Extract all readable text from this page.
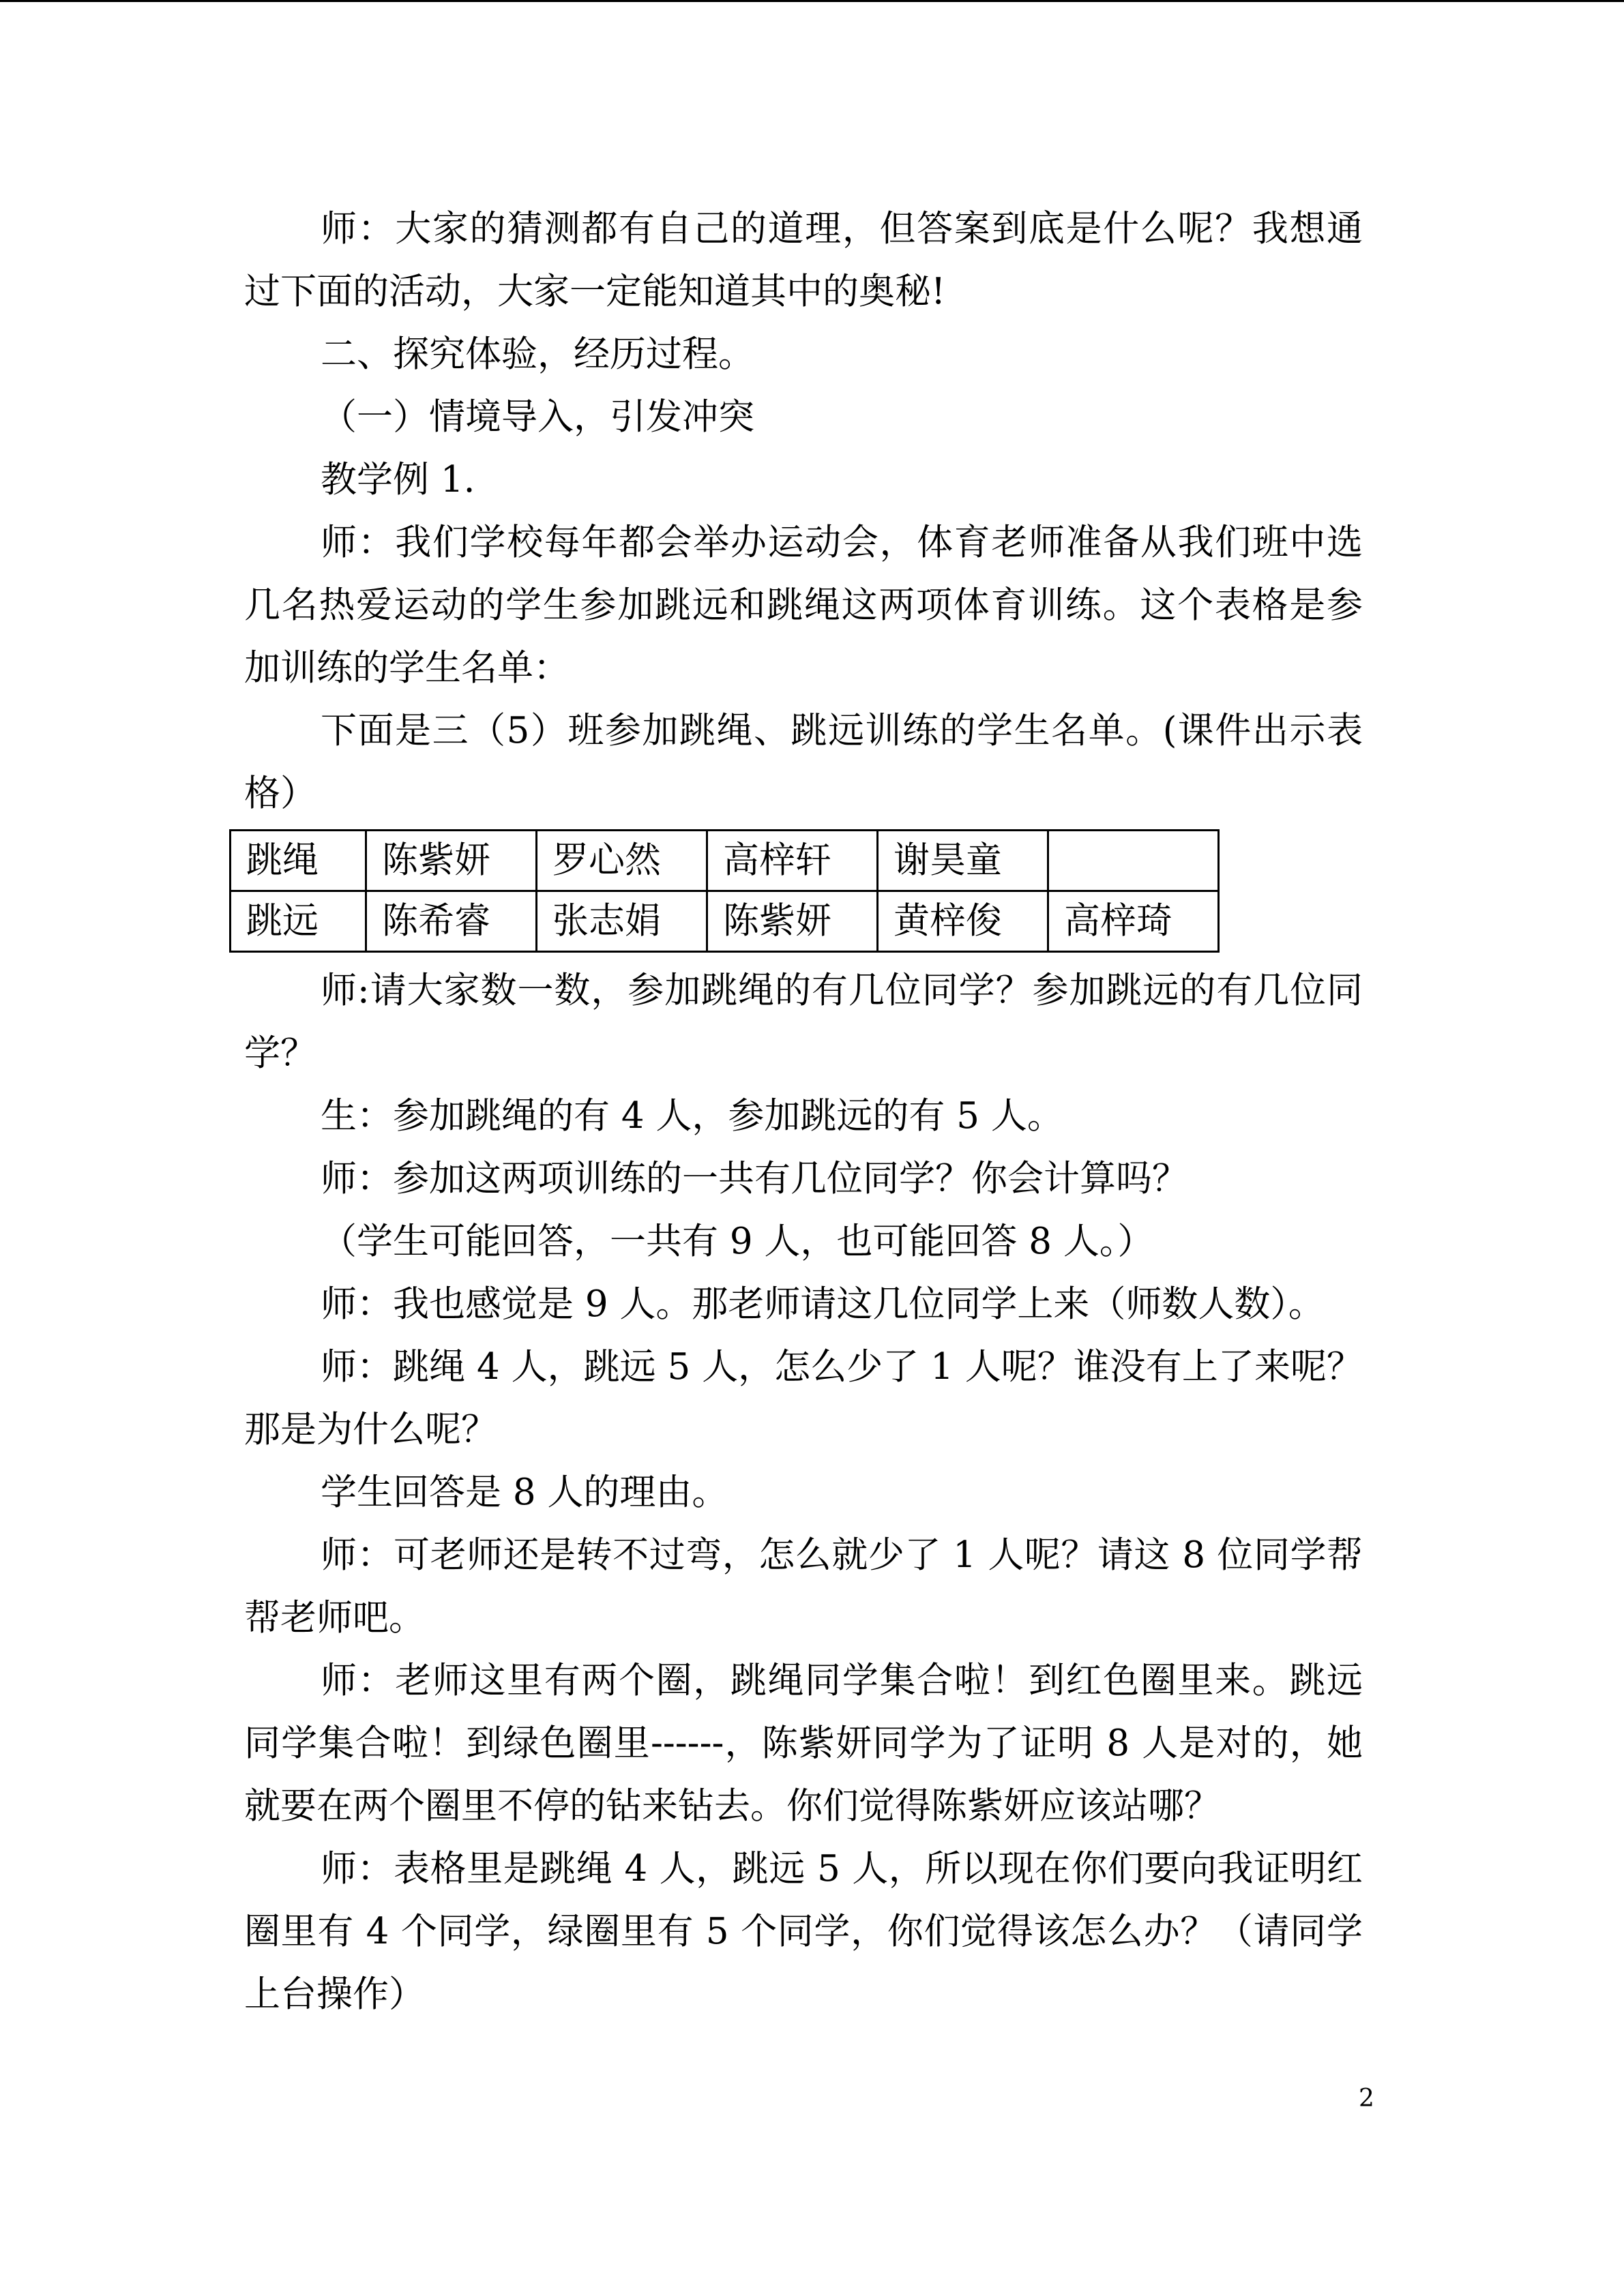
师：大家的猜测都有自己的道理，但答案到底是什么呢？我想通过下面的活动，大家一定能知道其中的奥秘!

二、探究体验，经历过程。

（一）情境导入，引发冲突

教学例 1.

师：我们学校每年都会举办运动会，体育老师准备从我们班中选几名热爱运动的学生参加跳远和跳绳这两项体育训练。这个表格是参加训练的学生名单：

下面是三（5）班参加跳绳、跳远训练的学生名单。(课件出示表格）

跳绳	陈紫妍	罗心然	高梓轩	谢昊童	
跳远	陈希睿	张志娟	陈紫妍	黄梓俊	高梓琦

师:请大家数一数，参加跳绳的有几位同学？参加跳远的有几位同学？

生：参加跳绳的有 4 人，参加跳远的有 5 人。

师：参加这两项训练的一共有几位同学？你会计算吗？

（学生可能回答，一共有 9 人，也可能回答 8 人。）

师：我也感觉是 9 人。那老师请这几位同学上来（师数人数）。

师：跳绳 4 人，跳远 5 人，怎么少了 1 人呢？谁没有上了来呢？那是为什么呢？

学生回答是 8 人的理由。

师：可老师还是转不过弯，怎么就少了 1 人呢？请这 8 位同学帮帮老师吧。

师：老师这里有两个圈，跳绳同学集合啦！到红色圈里来。跳远同学集合啦！到绿色圈里------，陈紫妍同学为了证明 8 人是对的，她就要在两个圈里不停的钻来钻去。你们觉得陈紫妍应该站哪？

师：表格里是跳绳 4 人，跳远 5 人，所以现在你们要向我证明红圈里有 4 个同学，绿圈里有 5 个同学，你们觉得该怎么办？（请同学上台操作）

2
